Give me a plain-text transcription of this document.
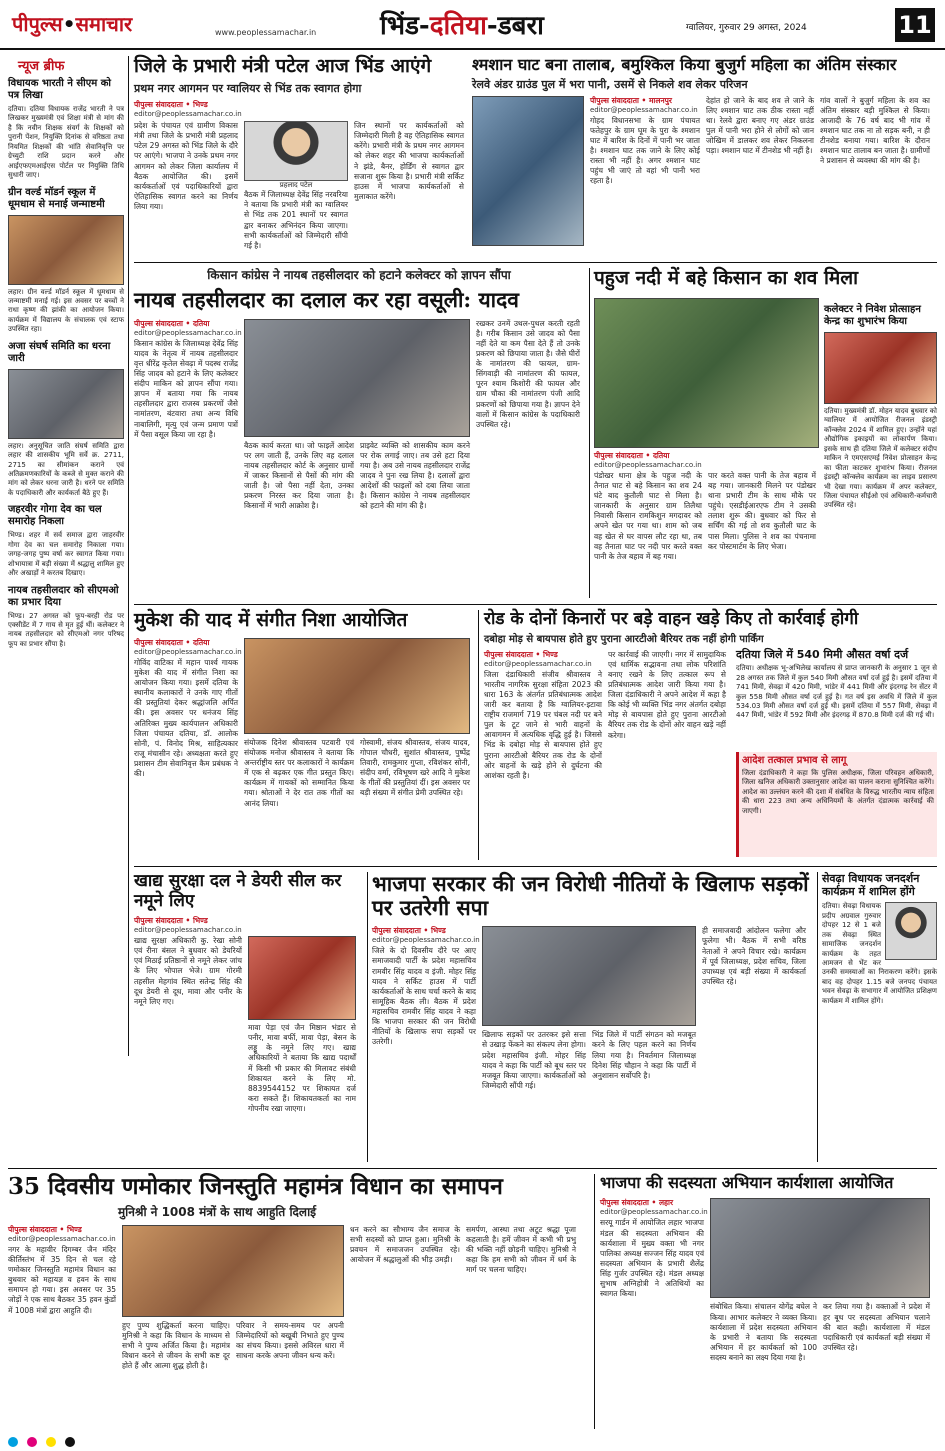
पीपुल्स•समाचार	www.peoplessamachar.in भिंड-दतिया-डबरा	ग्वालियर, गुरुवार 29 अगस्त, 2024	11
न्यूज ब्रीफ
विधायक भारती ने सीएम को पत्र लिखा
दतिया। दतिया विधायक राजेंद्र भारती ने पत्र लिखकर मुख्यमंत्री एवं शिक्षा मंत्री से मांग की है कि नवीन शिक्षक संवर्ग के शिक्षकों को पुरानी पेंशन, नियुक्ति दिनांक से वरिष्ठता तथा नियमित शिक्षकों की भांति सेवानिवृत्ति पर ग्रेच्युटी राशि प्रदान करने और आईएफएमआईएस पोर्टल पर नियुक्ति तिथि सुधारी जाए।
ग्रीन वर्ल्ड मॉडर्न स्कूल में धूमधाम से मनाई जन्माष्टमी
लहार। ग्रीन वर्ल्ड मॉडर्न स्कूल में धूमधाम से जन्माष्टमी मनाई गई। इस अवसर पर बच्चों ने राधा कृष्ण की झांकी का आयोजन किया। कार्यक्रम में विद्यालय के संचालक एवं स्टाफ उपस्थित रहा।
अजा संघर्ष समिति का धरना जारी
लहार। अनुसूचित जाति संघर्ष समिति द्वारा लहार की शासकीय भूमि सर्वे क्र. 2711, 2715 का सीमांकन कराने एवं अतिक्रमणकारियों के कब्जे से मुक्त कराने की मांग को लेकर धरना जारी है। धरने पर समिति के पदाधिकारी और कार्यकर्ता बैठे हुए हैं।
जहरवीर गोगा देव का चल समारोह निकला
भिण्ड। शहर में सर्व समाज द्वारा जाहरवीर गोगा देव का चल समारोह निकाला गया। जगह-जगह पुष्प वर्षा कर स्वागत किया गया। शोभायात्रा में बड़ी संख्या में श्रद्धालु शामिल हुए और अखाड़ों ने करतब दिखाए।
नायब तहसीलदार को सीएमओ का प्रभार दिया
भिण्ड। 27 अगस्त को फूप-बरही रोड पर एक्सीडेंट में 7 गाय से मृत हुई थीं। कलेक्टर ने नायब तहसीलदार को सीएमओ नगर परिषद फूप का प्रभार सौंपा है।
जिले के प्रभारी मंत्री पटेल आज भिंड आएंगे
प्रथम नगर आगमन पर ग्वालियर से भिंड तक स्वागत होगा
पीपुल्स संवाददाता • भिण्ड
editor@peoplessamachar.co.in
प्रदेश के पंचायत एवं ग्रामीण विकास मंत्री तथा जिले के प्रभारी मंत्री प्रहलाद पटेल 29 अगस्त को भिंड जिले के दौरे पर आएंगे। भाजपा ने उनके प्रथम नगर आगमन को लेकर जिला कार्यालय में बैठक आयोजित की। इसमें कार्यकर्ताओं एवं पदाधिकारियों द्वारा ऐतिहासिक स्वागत करने का निर्णय लिया गया।
प्रहलाद पटेल
बैठक में जिलाध्यक्ष देवेंद्र सिंह नरवरिया ने बताया कि प्रभारी मंत्री का ग्वालियर से भिंड तक 201 स्थानों पर स्वागत द्वार बनाकर अभिनंदन किया जाएगा। सभी कार्यकर्ताओं को जिम्मेदारी सौंपी गई है।
जिन स्थानों पर कार्यकर्ताओं को जिम्मेदारी मिली है वह ऐतिहासिक स्वागत करेंगे। प्रभारी मंत्री के प्रथम नगर आगमन को लेकर शहर की भाजपा कार्यकर्ताओं ने झंडे, बैनर, होर्डिंग से स्वागत द्वार सजाना शुरू किया है। प्रभारी मंत्री सर्किट हाउस में भाजपा कार्यकर्ताओं से मुलाकात करेंगे।
श्मशान घाट बना तालाब, बमुश्किल किया बुजुर्ग महिला का अंतिम संस्कार
रेलवे अंडर ग्राउंड पुल में भरा पानी, उसमें से निकले शव लेकर परिजन
पीपुल्स संवाददाता • मालनपुर
editor@peoplessamachar.co.in
गोहद विधानसभा के ग्राम पंचायत फतेहपुर के ग्राम घूम के पुरा के श्मशान घाट में बारिश के दिनों में पानी भर जाता है। श्मशान घाट तक जाने के लिए कोई रास्ता भी नहीं है। अगर श्मशान घाट पहुंच भी जाएं तो वहां भी पानी भरा रहता है।
देहांत हो जाने के बाद शव ले जाने के लिए श्मशान घाट तक ठीक रास्ता नहीं था। रेलवे द्वारा बनाए गए अंडर ग्राउंड पुल में पानी भरा होने से लोगों को जान जोखिम में डालकर शव लेकर निकलना पड़ा। श्मशान घाट में टीनशेड भी नहीं है।
गांव वालों ने बुजुर्ग महिला के शव का अंतिम संस्कार बड़ी मुश्किल से किया। आजादी के 76 वर्ष बाद भी गांव में श्मशान घाट तक ना तो सड़क बनी, न ही टीनशेड बनाया गया। बारिश के दौरान श्मशान घाट तालाब बन जाता है। ग्रामीणों ने प्रशासन से व्यवस्था की मांग की है।
किसान कांग्रेस ने नायब तहसीलदार को हटाने कलेक्टर को ज्ञापन सौंपा
नायब तहसीलदार का दलाल कर रहा वसूली: यादव
पीपुल्स संवाददाता • दतिया
editor@peoplessamachar.co.in
किसान कांग्रेस के जिलाध्यक्ष देवेंद्र सिंह यादव के नेतृत्व में नायब तहसीलदार वृत्त धीरेंद्र कृतेल सेवढ़ा में पदस्थ राजेंद्र सिंह जादव को हटाने के लिए कलेक्टर संदीप माकिन को ज्ञापन सौंपा गया। ज्ञापन में बताया गया कि नायब तहसीलदार द्वारा राजस्व प्रकरणों जैसे नामांतरण, बंटवारा तथा अन्य विधि नाबालिगी, मृत्यु एवं जन्म प्रमाण पत्रों में पैसा वसूल किया जा रहा है।
बैठक कार्य करता था। जो फाइलें आदेश पर लग जाती हैं, उनके लिए वह दलाल नायब तहसीलदार कोर्ट के अनुसार ग्रामों में जाकर किसानों से पैसों की मांग की जाती है। जो पैसा नहीं देता, उनका प्रकरण निरस्त कर दिया जाता है। किसानों में भारी आक्रोश है।
प्राइवेट व्यक्ति को शासकीय काम करने पर रोक लगाई जाए। तब उसे हटा दिया गया है। अब उसे नायब तहसीलदार राजेंद्र जादव ने पुनः रख लिया है। दलालों द्वारा आदेशों की फाइलों को दबा लिया जाता है। किसान कांग्रेस ने नायब तहसीलदार को हटाने की मांग की है।
रखकर उनमें उथल-पुथल करती रहती है। गरीब किसान उसे जादव को पैसा नहीं देते या कम पैसा देते हैं तो उनके प्रकरण को छिपाया जाता है। जैसे घीरों के नामांतरण की फायल, ग्राम-सिंगवाड़ी की नामांतरण की फायल, पूरन श्याम किशोरी की फायल और ग्राम चौका की नामांतरण पंजी आदि प्रकरणों को छिपाया गया है। ज्ञापन देने वालों में किसान कांग्रेस के पदाधिकारी उपस्थित रहे।
पहुज नदी में बहे किसान का शव मिला
पीपुल्स संवाददाता • दतिया
editor@peoplessamachar.co.in
पंडोखर थाना क्षेत्र के पहुज नदी के तैनात घाट से बहे किसान का शव 24 घंटे बाद कुतौली घाट से मिला है। जानकारी के अनुसार ग्राम तिलैथा निवासी किसान रामकिशुन मगदावर को अपने खेत पर गया था। शाम को जब वह खेत से घर वापस लौट रहा था, तब वह तैनाता घाट पर नदी पार करते वक्त पानी के तेज बहाव में बह गया।
पार करते वक्त पानी के तेज बहाव में बह गया। जानकारी मिलने पर पंडोखर थाना प्रभारी टीम के साथ मौके पर पहुंचे। एसडीईआरएफ टीम ने उसकी तलाश शुरू की। बुधवार को फिर से सर्चिंग की गई तो शव कुतौली घाट के पास मिला। पुलिस ने शव का पंचनामा कर पोस्टमार्टम के लिए भेजा।
कलेक्टर ने निवेश प्रोत्साहन केन्द्र का शुभारंभ किया
दतिया। मुख्यमंत्री डॉ. मोहन यादव बुधवार को ग्वालियर में आयोजित रीजनल इंडस्ट्री कॉन्क्लेव 2024 में शामिल हुए। उन्होंने यहां औद्योगिक इकाइयों का लोकार्पण किया। इसके साथ ही दतिया जिले में कलेक्टर संदीप माकिन ने एमएसएमई निवेश प्रोत्साहन केन्द्र का फीता काटकर शुभारंभ किया। रीजनल इंडस्ट्री कॉन्क्लेव कार्यक्रम का लाइव प्रसारण भी देखा गया। कार्यक्रम में अपर कलेक्टर, जिला पंचायत सीईओ एवं अधिकारी-कर्मचारी उपस्थित रहे।
मुकेश की याद में संगीत निशा आयोजित
पीपुल्स संवाददाता • दतिया
editor@peoplessamachar.co.in
गोविंद वाटिका में महान पार्श्व गायक मुकेश की याद में संगीत निशा का आयोजन किया गया। इसमें दतिया के स्थानीय कलाकारों ने उनके गाए गीतों की प्रस्तुतियां देकर श्रद्धांजलि अर्पित की। इस अवसर पर धनंजय सिंह अतिरिक्त मुख्य कार्यपालन अधिकारी जिला पंचायत दतिया, डॉ. आलोक सोनी, पं. विनोद मिश्र, साहित्यकार राजू मंचासीन रहे। अध्यक्षता करते हुए प्रशासन टीम सेवानिवृत्त कैम प्रबंधक ने की।
संयोजक दिनेश श्रीवास्तव पटवारी एवं संयोजक मनोज श्रीवास्तव ने बताया कि अन्तर्राष्ट्रीय स्तर पर कलाकारों ने कार्यक्रम में एक से बढ़कर एक गीत प्रस्तुत किए। कार्यक्रम में गायकों को सम्मानित किया गया। श्रोताओं ने देर रात तक गीतों का आनंद लिया।
गोस्वामी, संजय श्रीवास्तव, संजय यादव, गोपाल चौधरी, सुशांत श्रीवास्तव, पुष्पेंद्र तिवारी, रामकुमार गुप्ता, रविशंकर सोनी, संदीप वर्मा, रविभूषण खरे आदि ने मुकेश के गीतों की प्रस्तुतियां दीं। इस अवसर पर बड़ी संख्या में संगीत प्रेमी उपस्थित रहे।
रोड के दोनों किनारों पर बड़े वाहन खड़े किए तो कार्रवाई होगी
दबोहा मोड़ से बायपास होते हुए पुराना आरटीओ बैरियर तक नहीं होगी पार्किंग
पीपुल्स संवाददाता • भिण्ड
editor@peoplessamachar.co.in
जिला दंडाधिकारी संजीव श्रीवास्तव ने भारतीय नागरिक सुरक्षा संहिता 2023 की धारा 163 के अंतर्गत प्रतिबंधात्मक आदेश जारी कर बताया है कि ग्वालियर-इटावा राष्ट्रीय राजमार्ग 719 पर चंबल नदी पर बने पुल के टूट जाने से भारी वाहनों के आवागमन में अत्यधिक वृद्धि हुई है। जिससे भिंड के दबोहा मोड़ से बायपास होते हुए पुराना आरटीओ बैरियर तक रोड के दोनों ओर वाहनों के खड़े होने से दुर्घटना की आशंका रहती है।
पर कार्रवाई की जाएगी। नगर में सामुदायिक एवं धार्मिक सद्भावना तथा लोक परिशांति बनाए रखने के लिए तत्काल रूप से प्रतिबंधात्मक आदेश जारी किया गया है। जिला दंडाधिकारी ने अपने आदेश में कहा है कि कोई भी व्यक्ति भिंड नगर अंतर्गत दबोहा मोड़ से बायपास होते हुए पुराना आरटीओ बैरियर तक रोड के दोनों ओर वाहन खड़े नहीं करेगा।
दतिया जिले में 540 मिमी औसत वर्षा दर्ज
दतिया। अधीक्षक भू-अभिलेख कार्यालय से प्राप्त जानकारी के अनुसार 1 जून से 28 अगस्त तक जिले में कुल 540 मिमी औसत वर्षा दर्ज हुई है। इसमें दतिया में 741 मिमी, सेवढ़ा में 420 मिमी, भांडेर में 441 मिमी और इंदरगढ़ रेन सेंटर में कुल 558 मिमी औसत वर्षा दर्ज हुई है। गत वर्ष इस अवधि में जिले में कुल 534.03 मिमी औसत वर्षा दर्ज हुई थी। इसमें दतिया में 557 मिमी, सेवढ़ा में 447 मिमी, भांडेर में 592 मिमी और इंदरगढ़ में 870.8 मिमी दर्ज की गई थी।
आदेश तत्काल प्रभाव से लागू
जिला दंडाधिकारी ने कहा कि पुलिस अधीक्षक, जिला परिवहन अधिकारी, जिला खनिज अधिकारी उक्तानुसार आदेश का पालन कराना सुनिश्चित करेंगे। आदेश का उल्लंघन करने की दशा में संबंधित के विरुद्ध भारतीय न्याय संहिता की धारा 223 तथा अन्य अधिनियमों के अंतर्गत दंडात्मक कार्रवाई की जाएगी।
खाद्य सुरक्षा दल ने डेयरी सील कर नमूने लिए
पीपुल्स संवाददाता • भिण्ड
editor@peoplessamachar.co.in
खाद्य सुरक्षा अधिकारी कु. रेखा सोनी एवं रीना बंसल ने बुधवार को डेयरियों एवं मिठाई प्रतिष्ठानों से नमूने लेकर जांच के लिए भोपाल भेजे। ग्राम गोरमी तहसील मेहगांव स्थित सतेन्द्र सिंह की दूध डेयरी से दूध, मावा और पनीर के नमूने लिए गए।
मावा पेड़ा एवं जैन मिष्ठान भंडार से पनीर, मावा बर्फी, मावा पेड़ा, बेसन के लड्डू के नमूने लिए गए। खाद्य अधिकारियों ने बताया कि खाद्य पदार्थों में किसी भी प्रकार की मिलावट संबंधी शिकायत करने के लिए मो. 8839544152 पर शिकायत दर्ज करा सकते हैं। शिकायतकर्ता का नाम गोपनीय रखा जाएगा।
भाजपा सरकार की जन विरोधी नीतियों के खिलाफ सड़कों पर उतरेगी सपा
पीपुल्स संवाददाता • भिण्ड
editor@peoplessamachar.co.in
जिले के दो दिवसीय दौरे पर आए समाजवादी पार्टी के प्रदेश महासचिव रामवीर सिंह यादव व इंजी. मोहर सिंह यादव ने सर्किट हाउस में पार्टी कार्यकर्ताओं के साथ चर्चा करने के बाद सामूहिक बैठक ली। बैठक में प्रदेश महासचिव रामवीर सिंह यादव ने कहा कि भाजपा सरकार की जन विरोधी नीतियों के खिलाफ सपा सड़कों पर उतरेगी।
खिलाफ सड़कों पर उतरकर इसे सत्ता से उखाड़ फेंकने का संकल्प लेना होगा। प्रदेश महासचिव इंजी. मोहर सिंह यादव ने कहा कि पार्टी को बूथ स्तर पर मजबूत किया जाएगा। कार्यकर्ताओं को जिम्मेदारी सौंपी गई।
भिंड जिले में पार्टी संगठन को मजबूत करने के लिए पहल करने का निर्णय लिया गया है। निवर्तमान जिलाध्यक्ष दिनेश सिंह चौहान ने कहा कि पार्टी में अनुशासन सर्वोपरि है।
ही समाजवादी आंदोलन फलेगा और फूलेगा भी। बैठक में सभी वरिष्ठ नेताओं ने अपने विचार रखे। कार्यक्रम में पूर्व जिलाध्यक्ष, प्रदेश सचिव, जिला उपाध्यक्ष एवं बड़ी संख्या में कार्यकर्ता उपस्थित रहे।
सेवढ़ा विधायक जनदर्शन कार्यक्रम में शामिल होंगे
दतिया। सेवढ़ा विधायक प्रदीप अग्रवाल गुरुवार दोपहर 12 से 1 बजे तक सेवढ़ा स्थित सामाजिक जनदर्शन कार्यक्रम के तहत आमजन से भेंट कर उनकी समस्याओं का निराकरण करेंगे। इसके बाद वह दोपहर 1.15 बजे जनपद पंचायत भवन सेवढ़ा के सभागार में आयोजित प्रशिक्षण कार्यक्रम में शामिल होंगे।
35 दिवसीय णमोकार जिनस्तुति महामंत्र विधान का समापन
मुनिश्री ने 1008 मंत्रों के साथ आहुति दिलाई
पीपुल्स संवाददाता • भिण्ड
editor@peoplessamachar.co.in
नगर के महावीर दिगम्बर जैन मंदिर कीर्तिस्तंभ में 35 दिन से चल रहे णमोकार जिनस्तुति महामंत्र विधान का बुधवार को महायज्ञ व हवन के साथ समापन हो गया। इस अवसर पर 35 जोड़ों ने एक साथ बैठकर 35 हवन कुंडों में 1008 मंत्रों द्वारा आहुति दी।
हुए पुण्य शुद्धिकर्ता करना चाहिए। मुनिश्री ने कहा कि विधान के माध्यम से सभी ने पुण्य अर्जित किया है। महामंत्र विधान करने से जीवन के सभी कष्ट दूर होते हैं और आत्मा शुद्ध होती है।
परिवार ने समय-समय पर अपनी जिम्मेदारियों को बखूबी निभाते हुए पुण्य का संचय किया। इससे अविरल धारा में साधना करके अपना जीवन धन्य करें।
धन करने का सौभाग्य जैन समाज के सभी सदस्यों को प्राप्त हुआ। मुनिश्री के प्रवचन में समाजजन उपस्थित रहे। आयोजन में श्रद्धालुओं की भीड़ उमड़ी।
समर्पण, आस्था तथा अटूट श्रद्धा पूजा कहलाती है। हमें जीवन में कभी भी प्रभु की भक्ति नहीं छोड़नी चाहिए। मुनिश्री ने कहा कि हम सभी को जीवन में धर्म के मार्ग पर चलना चाहिए।
भाजपा की सदस्यता अभियान कार्यशाला आयोजित
पीपुल्स संवाददाता • लहार
editor@peoplessamachar.co.in
सरयू गार्डन में आयोजित लहार भाजपा मंडल की सदस्यता अभियान की कार्यशाला में मुख्य वक्ता भी नगर पालिका अध्यक्ष सज्जन सिंह यादव एवं सदस्यता अभियान के प्रभारी शैलेंद्र सिंह गुर्जर उपस्थित रहे। मंडल अध्यक्ष सुभाष अग्निहोत्री ने अतिथियों का स्वागत किया।
संबोधित किया। संचालन योगेंद्र बघेल ने किया। आभार कलेक्टर ने व्यक्त किया। कार्यशाला में प्रदेश सदस्यता अभियान के प्रभारी ने बताया कि सदस्यता अभियान में हर कार्यकर्ता को 100 सदस्य बनाने का लक्ष्य दिया गया है।
कर लिया गया है। वक्ताओं ने प्रदेश में हर बूथ पर सदस्यता अभियान चलाने की बात कही। कार्यशाला में मंडल पदाधिकारी एवं कार्यकर्ता बड़ी संख्या में उपस्थित रहे।
